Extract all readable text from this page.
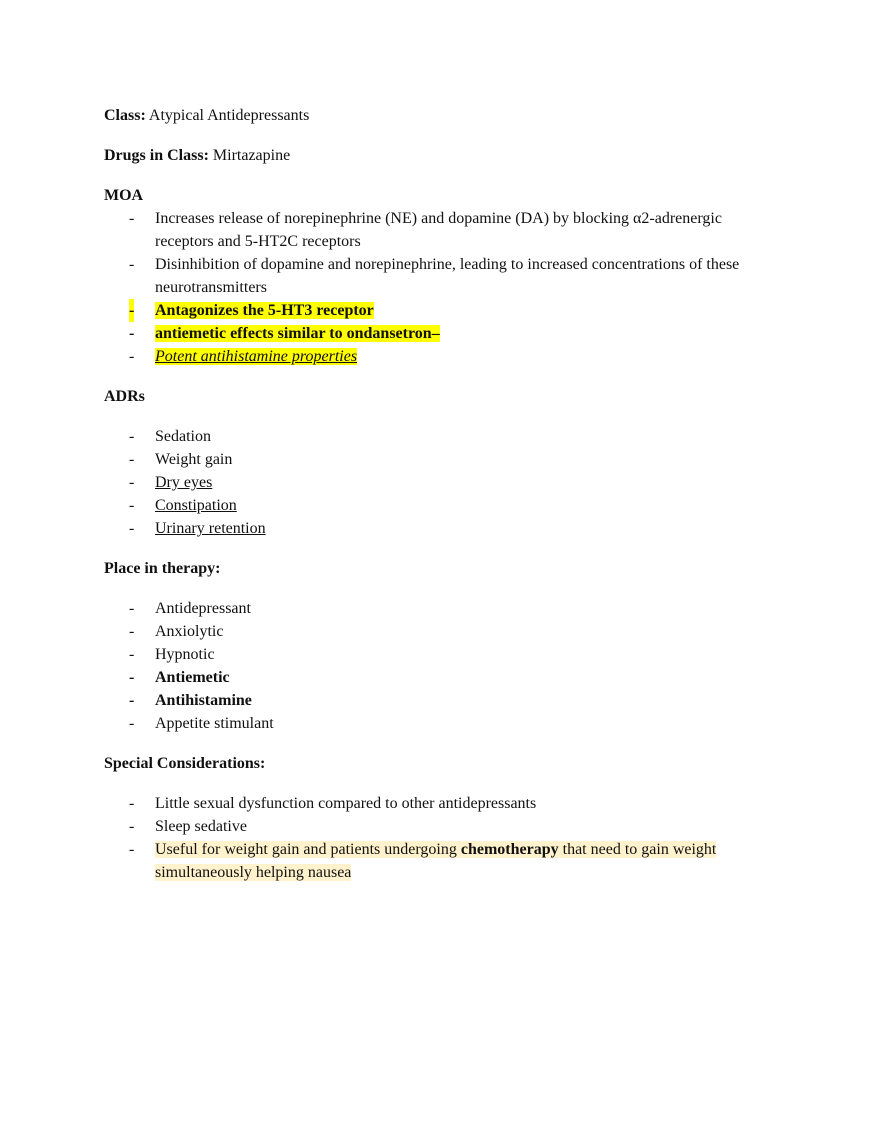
Class: Atypical Antidepressants

Drugs in Class: Mirtazapine

MOA

- Increases release of norepinephrine (NE) and dopamine (DA) by blocking α2-adrenergic receptors and 5-HT2C receptors
- Disinhibition of dopamine and norepinephrine, leading to increased concentrations of these neurotransmitters
- Antagonizes the 5-HT3 receptor
- antiemetic effects similar to ondansetron–
- Potent antihistamine properties

ADRs

- Sedation
- Weight gain
- Dry eyes
- Constipation
- Urinary retention

Place in therapy:

- Antidepressant
- Anxiolytic
- Hypnotic
- Antiemetic
- Antihistamine
- Appetite stimulant

Special Considerations:

- Little sexual dysfunction compared to other antidepressants
- Sleep sedative
- Useful for weight gain and patients undergoing chemotherapy that need to gain weight simultaneously helping nausea
